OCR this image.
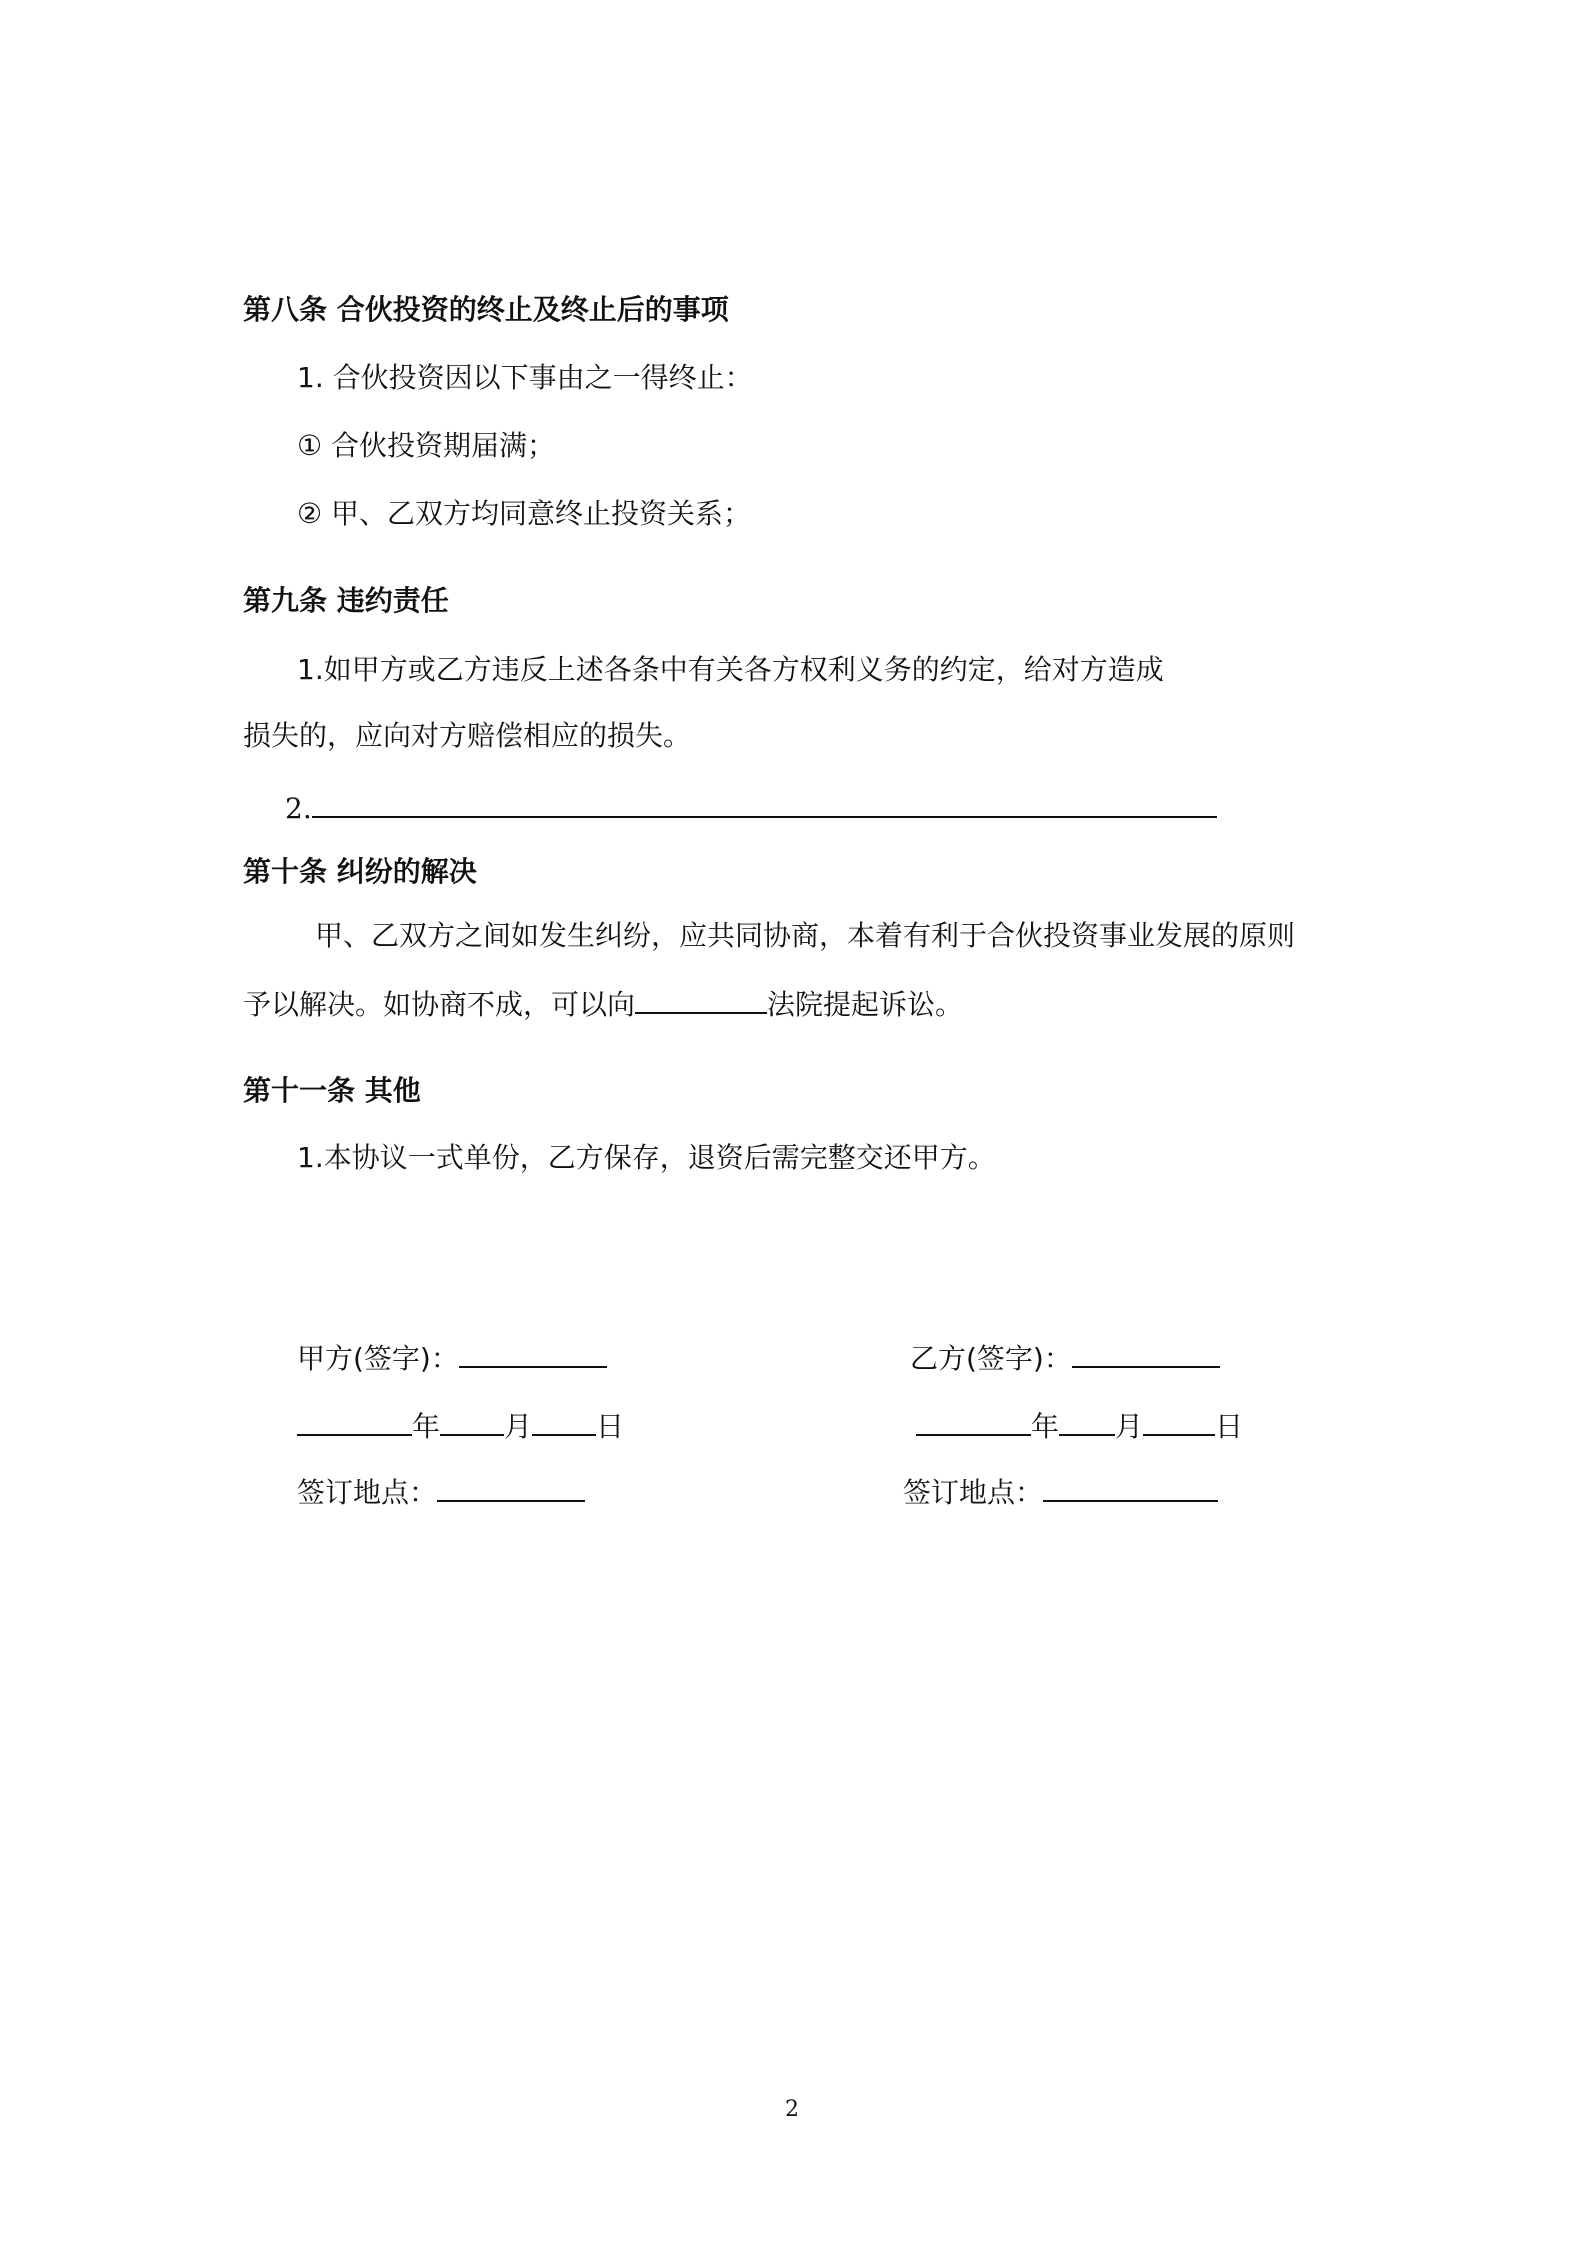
第八条 合伙投资的终止及终止后的事项
1. 合伙投资因以下事由之一得终止：
① 合伙投资期届满；
② 甲、乙双方均同意终止投资关系；
第九条 违约责任
1.如甲方或乙方违反上述各条中有关各方权利义务的约定，给对方造成
损失的，应向对方赔偿相应的损失。
2.
第十条 纠纷的解决
甲、乙双方之间如发生纠纷，应共同协商，本着有利于合伙投资事业发展的原则
予以解决。如协商不成，可以向	法院提起诉讼。
第十一条 其他
1.本协议一式单份，乙方保存，退资后需完整交还甲方。
甲方(签字)：
年 月 日
签订地点：
乙方(签字)：
年 月	日
签订地点：
2
